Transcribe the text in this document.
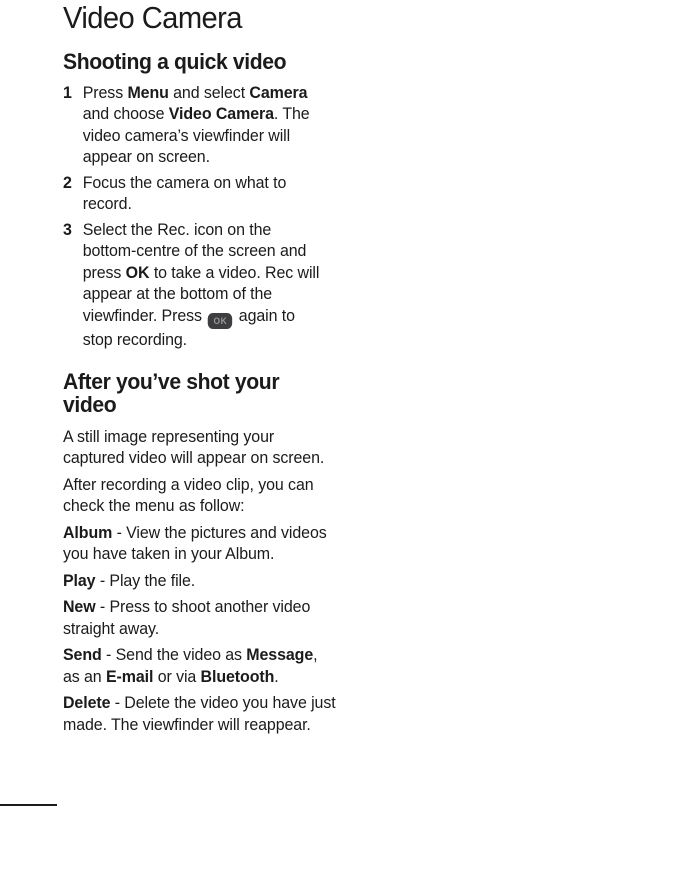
Video Camera
Shooting a quick video
1 Press Menu and select Camera and choose Video Camera. The video camera’s viewfinder will appear on screen.
2 Focus the camera on what to record.
3 Select the Rec. icon on the bottom-centre of the screen and press OK to take a video. Rec will appear at the bottom of the viewfinder. Press OK again to stop recording.
After you’ve shot your video

A still image representing your captured video will appear on screen.

After recording a video clip, you can check the menu as follow:

Album - View the pictures and videos you have taken in your Album.

Play - Play the file.

New - Press to shoot another video straight away.

Send - Send the video as Message, as an E-mail or via Bluetooth.

Delete - Delete the video you have just made. The viewfinder will reappear.
